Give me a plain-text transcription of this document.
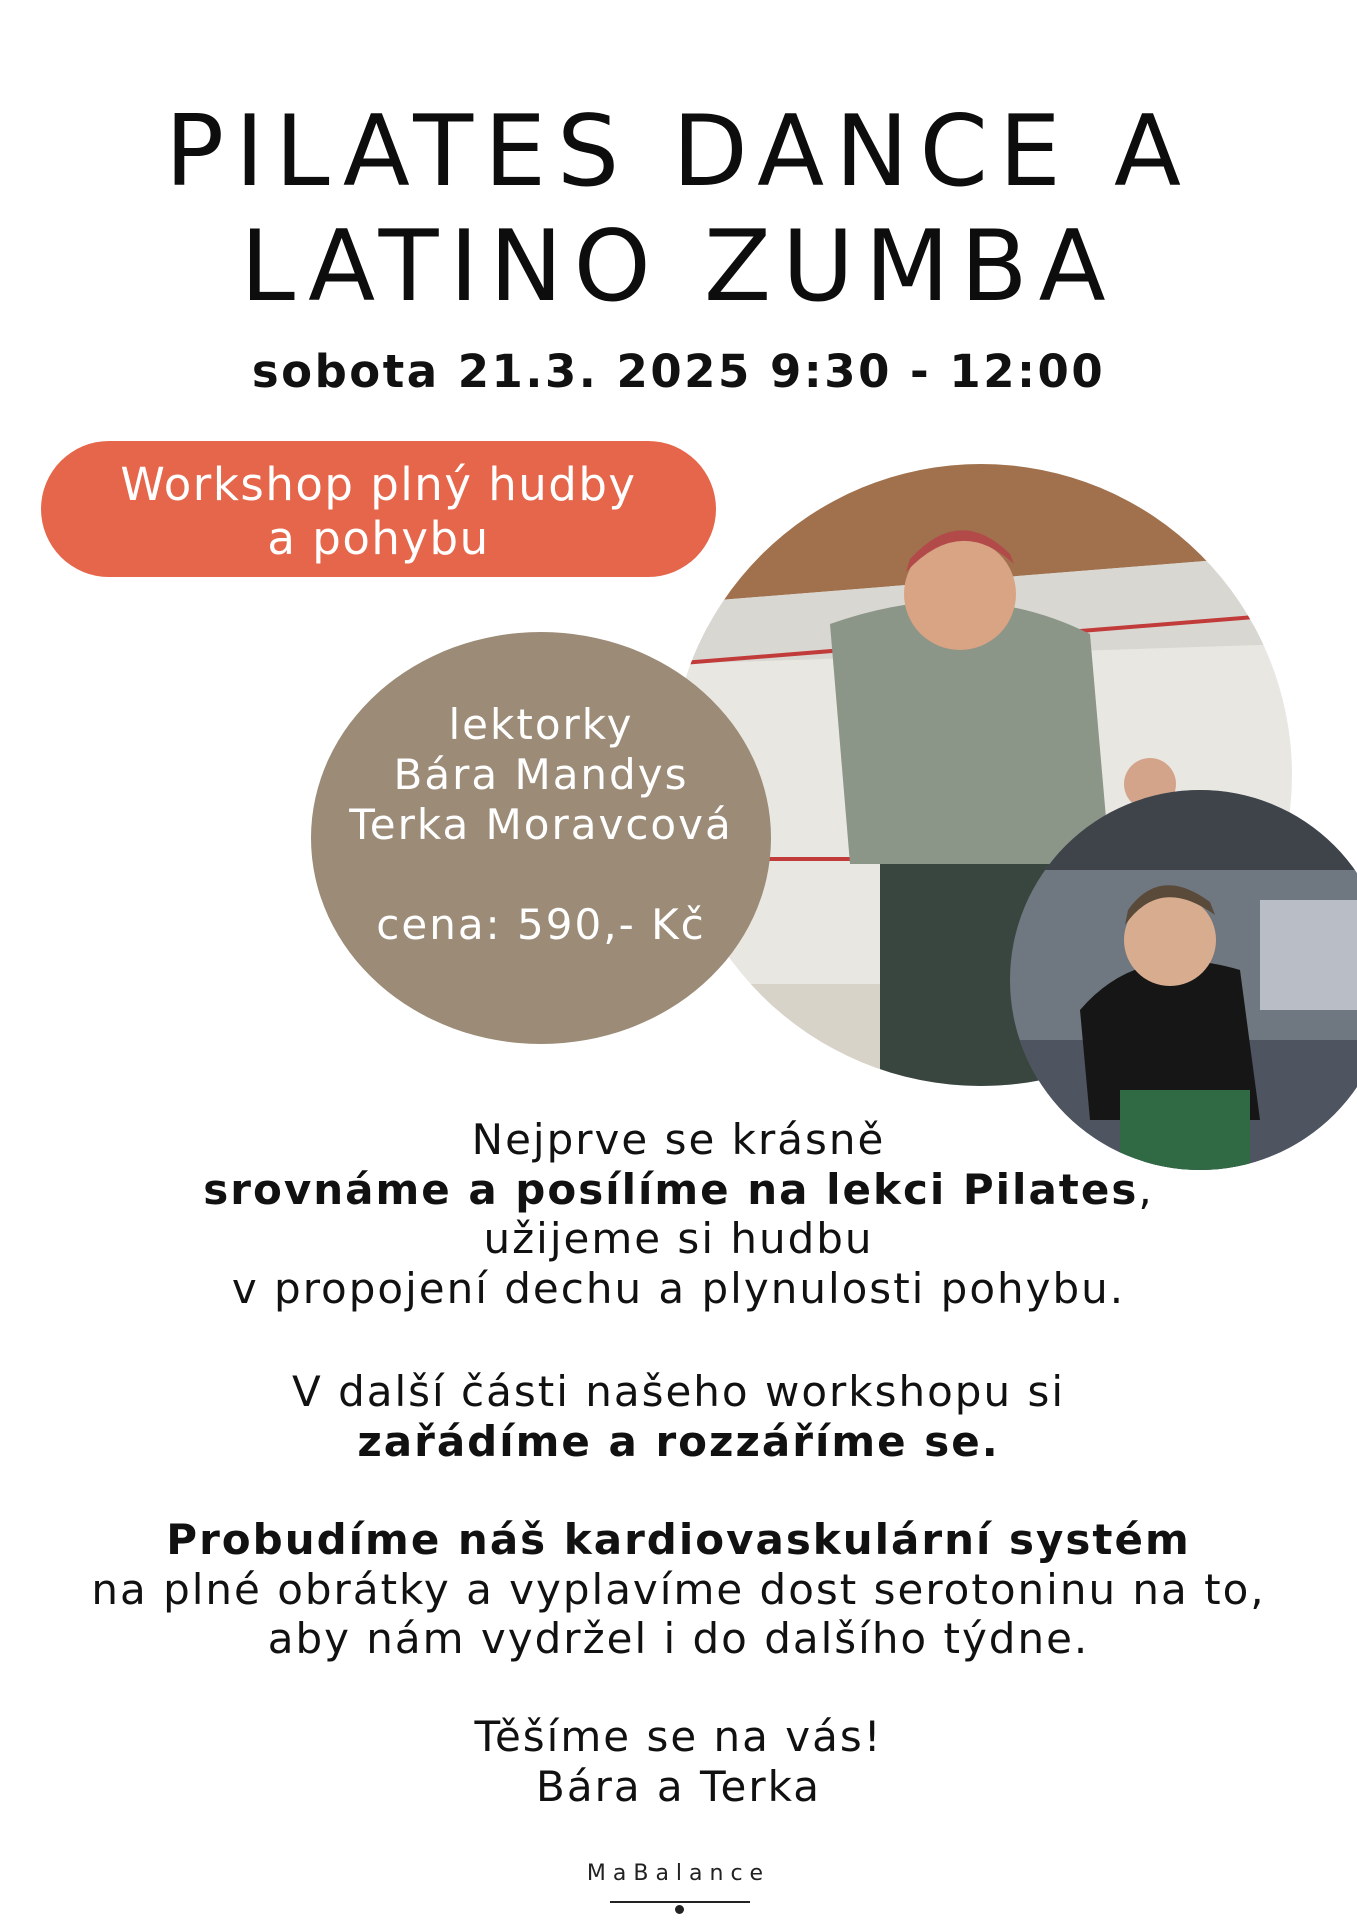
PILATES DANCE A
LATINO ZUMBA
sobota 21.3. 2025 9:30 - 12:00
Workshop plný hudby
a pohybu
lektorky
Bára Mandys
Terka Moravcová
cena: 590,- Kč
Nejprve se krásně
srovnáme a posílíme na lekci Pilates,
užijeme si hudbu
v propojení dechu a plynulosti pohybu.
V další části našeho workshopu si
zařádíme a rozzáříme se.
Probudíme náš kardiovaskulární systém
na plné obrátky a vyplavíme dost serotoninu na to,
aby nám vydržel i do dalšího týdne.
Těšíme se na vás!
Bára a Terka
MaBalance
